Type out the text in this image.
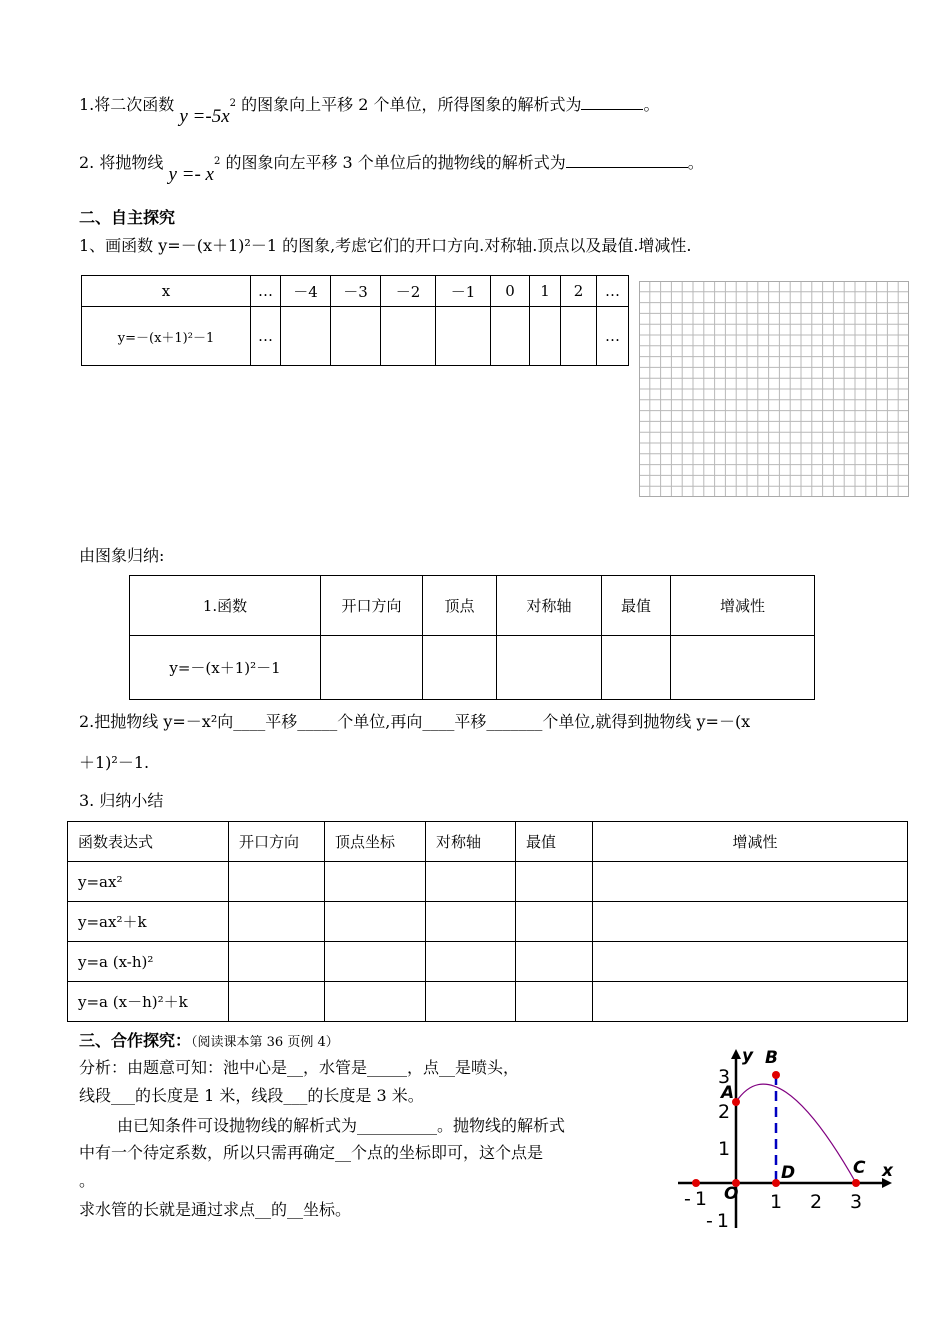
1.将二次函数 $y =-5x^2$ 的图象向上平移 2 个单位，所得图象的解析式为	。
2. 将抛物线 $y =- x^2$ 的图象向左平移 3 个单位后的抛物线的解析式为	。
二、自主探究
1、画函数 y=－(x＋1)²－1 的图象,考虑它们的开口方向.对称轴.顶点以及最值.增减性.
x	…	－4	－3	－2	－1	0	1	2	…
y=－(x＋1)²－1	…								…
由图象归纳:
1.函数	开口方向	顶点	对称轴	最值	增减性
y=－(x＋1)²－1					
2.把抛物线 y=－x²向____平移_____个单位,再向____平移_______个单位,就得到抛物线 y=－(x
＋1)²－1.
3. 归纳小结
函数表达式	开口方向	顶点坐标	对称轴	最值	增减性
y=ax²					
y=ax²＋k					
y=a (x-h)²					
y=a (x－h)²＋k					
三、合作探究：（阅读课本第 36 页例 4）
分析：由题意可知：池中心是__，水管是_____，点__是喷头，
线段___的长度是 1 米，线段___的长度是 3 米。
由已知条件可设抛物线的解析式为__________。抛物线的解析式
中有一个待定系数，所以只需再确定__个点的坐标即可，这个点是
。
求水管的长就是通过求点__的__坐标。
y
x
B
A
C
D
O
-1	1 2 3
3
2
1
-1
